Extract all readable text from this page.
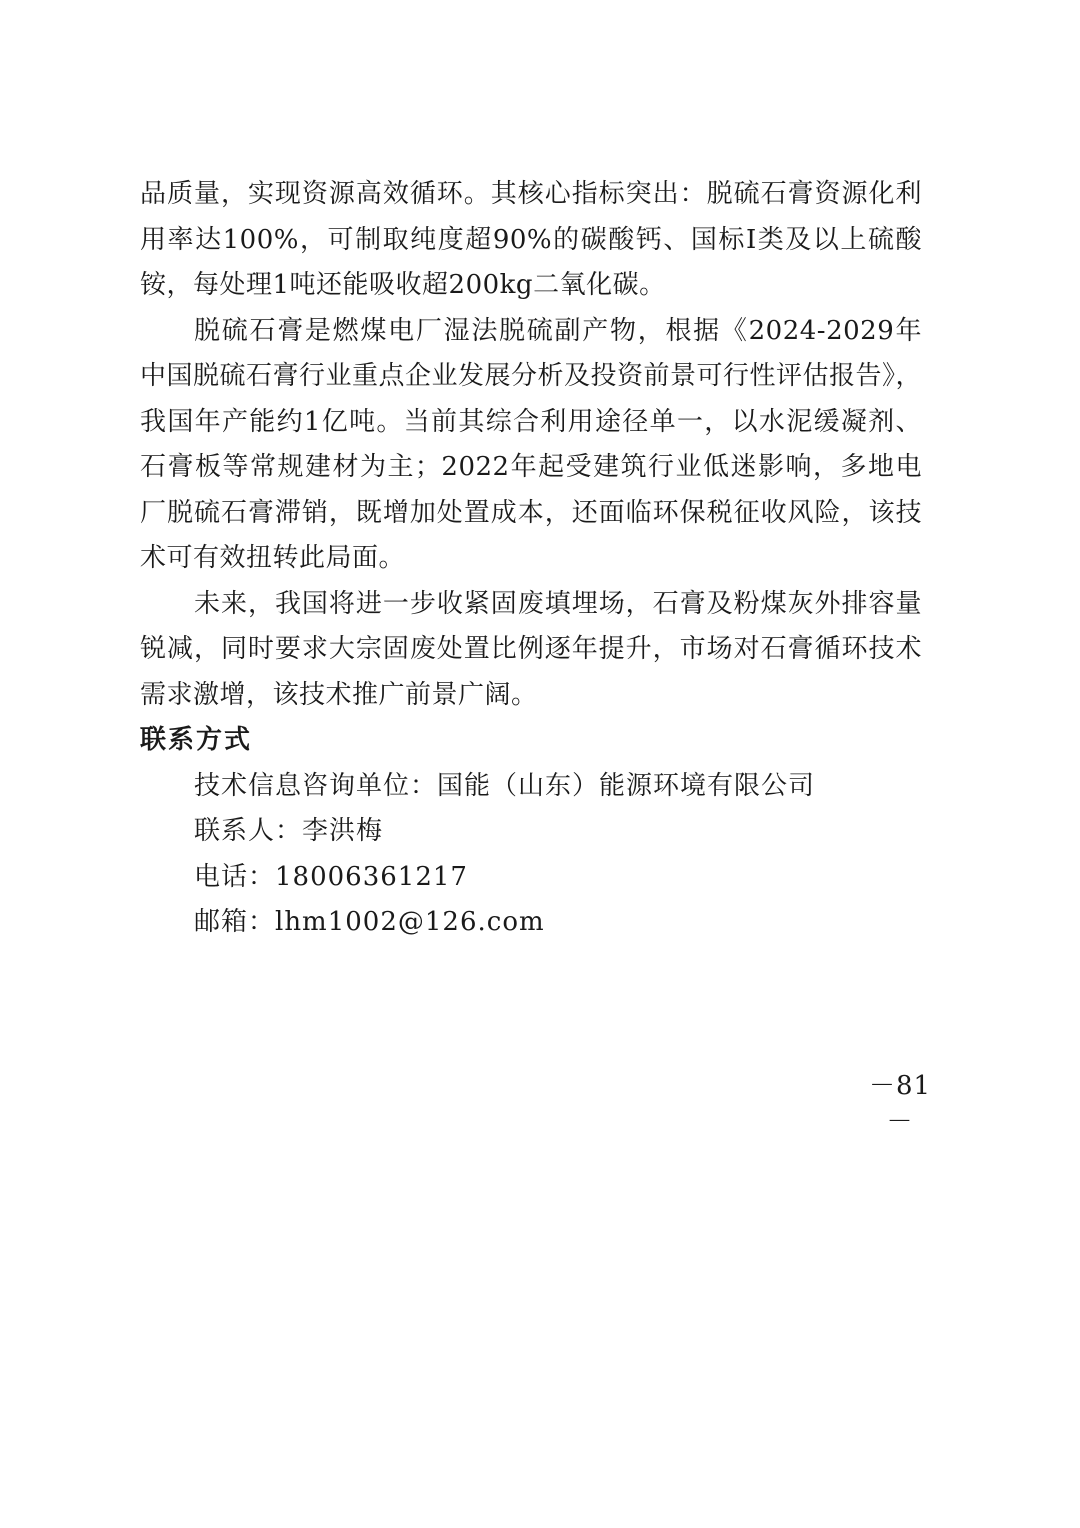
品质量，实现资源高效循环。其核心指标突出：脱硫石膏资源化利用率达100%，可制取纯度超90%的碳酸钙、国标Ⅰ类及以上硫酸铵，每处理1吨还能吸收超200kg二氧化碳。

脱硫石膏是燃煤电厂湿法脱硫副产物，根据《2024-2029年中国脱硫石膏行业重点企业发展分析及投资前景可行性评估报告》，我国年产能约1亿吨。当前其综合利用途径单一，以水泥缓凝剂、石膏板等常规建材为主；2022年起受建筑行业低迷影响，多地电厂脱硫石膏滞销，既增加处置成本，还面临环保税征收风险，该技术可有效扭转此局面。

未来，我国将进一步收紧固废填埋场，石膏及粉煤灰外排容量锐减，同时要求大宗固废处置比例逐年提升，市场对石膏循环技术需求激增，该技术推广前景广阔。

联系方式

技术信息咨询单位：国能（山东）能源环境有限公司

联系人：李洪梅

电话：18006361217

邮箱：lhm1002@126.com

－81－
